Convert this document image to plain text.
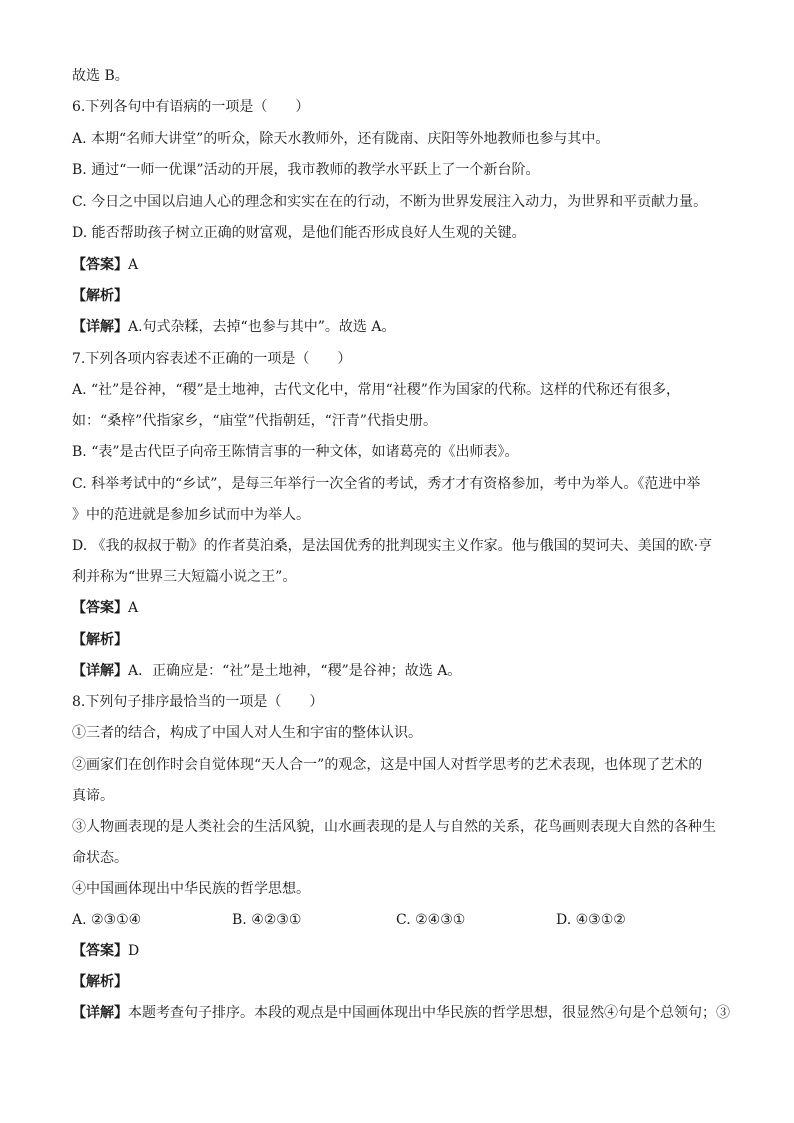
故选 B。
6.下列各句中有语病的一项是（　　）
A. 本期“名师大讲堂”的听众，除天水教师外，还有陇南、庆阳等外地教师也参与其中。
B. 通过“一师一优课”活动的开展，我市教师的教学水平跃上了一个新台阶。
C. 今日之中国以启迪人心的理念和实实在在的行动，不断为世界发展注入动力，为世界和平贡献力量。
D. 能否帮助孩子树立正确的财富观，是他们能否形成良好人生观的关键。
【答案】A
【解析】
【详解】A.句式杂糅，去掉“也参与其中”。故选 A。
7.下列各项内容表述不正确的一项是（　　）
A. “社”是谷神，“稷”是土地神，古代文化中，常用“社稷”作为国家的代称。这样的代称还有很多，
如：“桑梓”代指家乡，“庙堂”代指朝廷，“汗青”代指史册。
B. “表”是古代臣子向帝王陈情言事的一种文体，如诸葛亮的《出师表》。
C. 科举考试中的“乡试”，是每三年举行一次全省的考试，秀才才有资格参加，考中为举人。《范进中举
》中的范进就是参加乡试而中为举人。
D. 《我的叔叔于勒》的作者莫泊桑，是法国优秀的批判现实主义作家。他与俄国的契诃夫、美国的欧·亨
利并称为“世界三大短篇小说之王”。
【答案】A
【解析】
【详解】A．正确应是：“社”是土地神，“稷”是谷神；故选 A。
8.下列句子排序最恰当的一项是（　　）
①三者的结合，构成了中国人对人生和宇宙的整体认识。
②画家们在创作时会自觉体现“天人合一”的观念，这是中国人对哲学思考的艺术表现，也体现了艺术的
真谛。
③人物画表现的是人类社会的生活风貌，山水画表现的是人与自然的关系，花鸟画则表现大自然的各种生
命状态。
④中国画体现出中华民族的哲学思想。
A. ②③①④	B. ④②③①	C. ②④③①	D. ④③①②
【答案】D
【解析】
【详解】本题考查句子排序。本段的观点是中国画体现出中华民族的哲学思想，很显然④句是个总领句；③
